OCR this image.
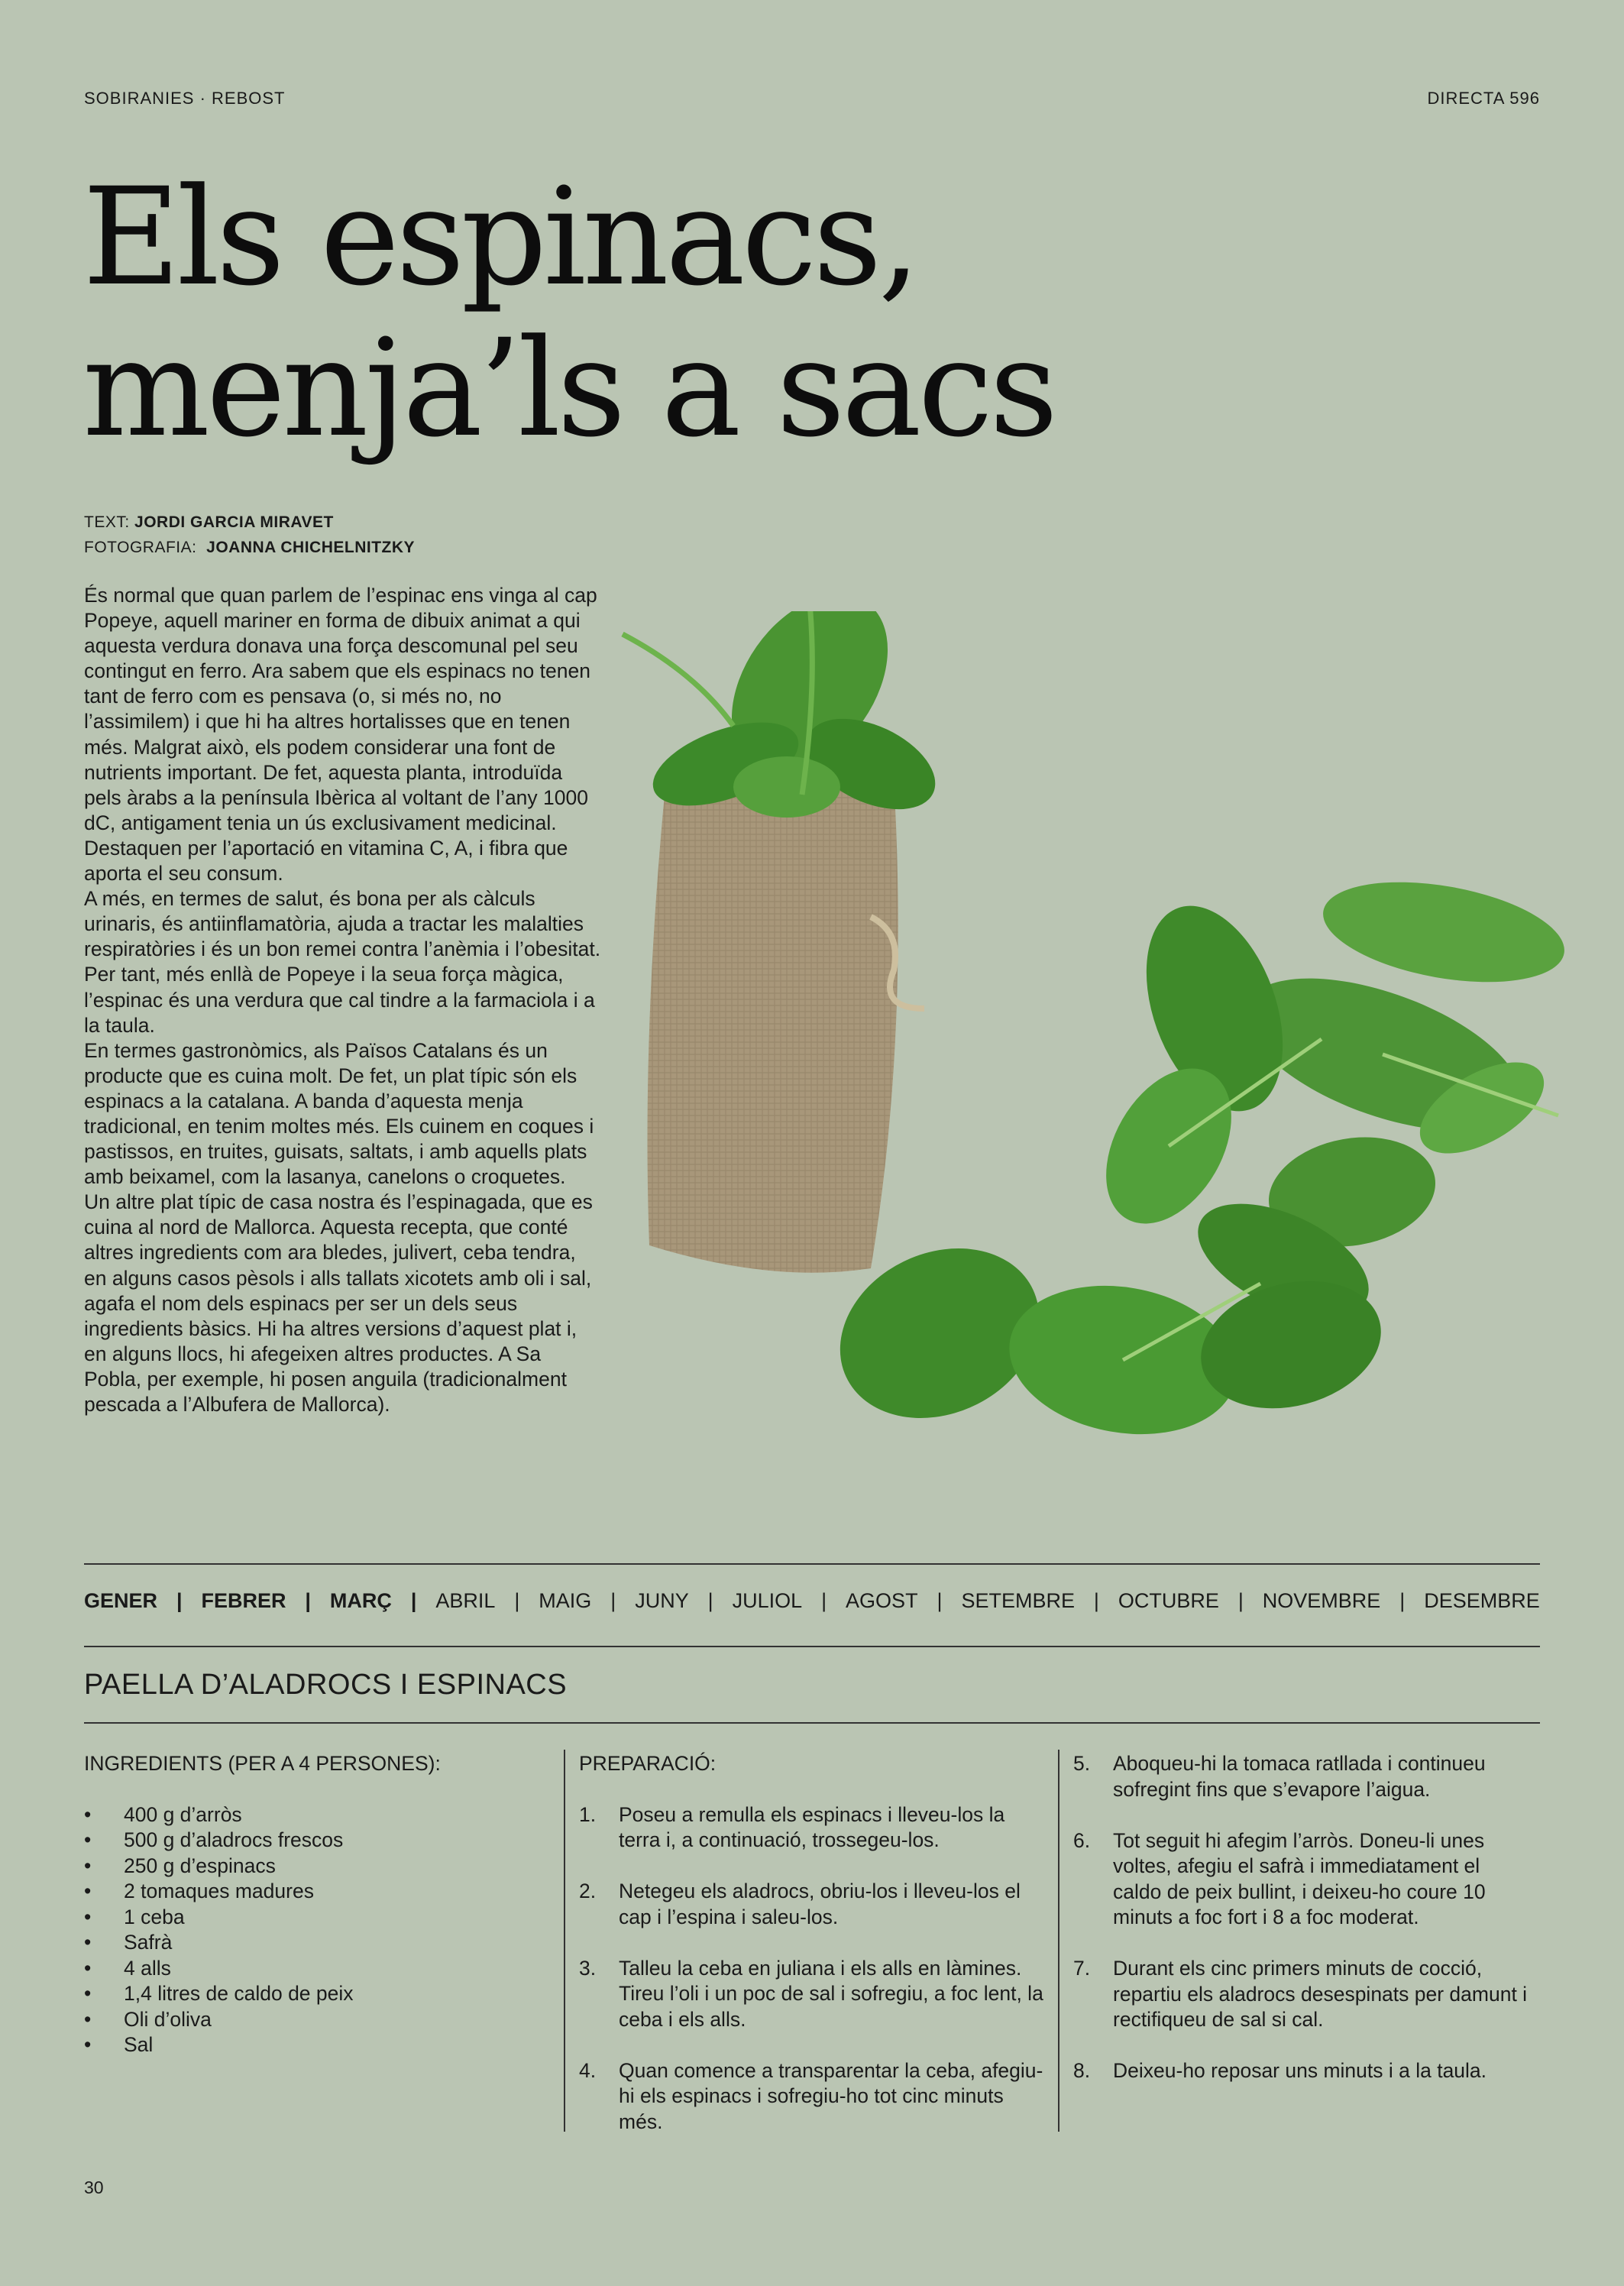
SOBIRANIES · REBOST	DIRECTA 596
Els espinacs,
menja’ls a sacs
TEXT: JORDI GARCIA MIRAVET
FOTOGRAFIA: JOANNA CHICHELNITZKY

És normal que quan parlem de l’espinac ens vinga al cap Popeye, aquell mariner en forma de dibuix animat a qui aquesta verdura donava una força descomunal pel seu contingut en ferro. Ara sabem que els espinacs no tenen tant de ferro com es pensava (o, si més no, no l’assimilem) i que hi ha altres hortalisses que en tenen més. Malgrat això, els podem considerar una font de nutrients important. De fet, aquesta planta, introduïda pels àrabs a la península Ibèrica al voltant de l’any 1000 dC, antigament tenia un ús exclusivament medicinal. Destaquen per l’aportació en vitamina C, A, i fibra que aporta el seu consum.

A més, en termes de salut, és bona per als càlculs urinaris, és antiinflamatòria, ajuda a tractar les malalties respiratòries i és un bon remei contra l’anèmia i l’obesitat. Per tant, més enllà de Popeye i la seua força màgica, l’espinac és una verdura que cal tindre a la farmaciola i a la taula.

En termes gastronòmics, als Països Catalans és un producte que es cuina molt. De fet, un plat típic són els espinacs a la catalana. A banda d’aquesta menja tradicional, en tenim moltes més. Els cuinem en coques i pastissos, en truites, guisats, saltats, i amb aquells plats amb beixamel, com la lasanya, canelons o croquetes.

Un altre plat típic de casa nostra és l’espinagada, que es cuina al nord de Mallorca. Aquesta recepta, que conté altres ingredients com ara bledes, julivert, ceba tendra, en alguns casos pèsols i alls tallats xicotets amb oli i sal, agafa el nom dels espinacs per ser un dels seus ingredients bàsics. Hi ha altres versions d’aquest plat i, en alguns llocs, hi afegeixen altres productes. A Sa Pobla, per exemple, hi posen anguila (tradicionalment pescada a l’Albufera de Mallorca).

GENER | FEBRER | MARÇ | ABRIL | MAIG | JUNY | JULIOL | AGOST | SETEMBRE | OCTUBRE | NOVEMBRE | DESEMBRE
PAELLA D’ALADROCS I ESPINACS
INGREDIENTS (PER A 4 PERSONES):
• 400 g d’arròs
• 500 g d’aladrocs frescos
• 250 g d’espinacs
• 2 tomaques madures
• 1 ceba
• Safrà
• 4 alls
• 1,4 litres de caldo de peix
• Oli d’oliva
• Sal
PREPARACIÓ:
1.	Poseu a remulla els espinacs i lleveu-los la terra i, a continuació, trossegeu-los.
2.	Netegeu els aladrocs, obriu-los i lleveu-los el cap i l’espina i saleu-los.
3.	Talleu la ceba en juliana i els alls en làmines. Tireu l’oli i un poc de sal i sofregiu, a foc lent, la ceba i els alls.
4.	Quan comence a transparentar la ceba, afegiu-hi els espinacs i sofregiu-ho tot cinc minuts més.
5.	Aboqueu-hi la tomaca ratllada i continueu sofregint fins que s’evapore l’aigua.
6.	Tot seguit hi afegim l’arròs. Doneu-li unes voltes, afegiu el safrà i immediatament el caldo de peix bullint, i deixeu-ho coure 10 minuts a foc fort i 8 a foc moderat.
7.	Durant els cinc primers minuts de cocció, repartiu els aladrocs desespinats per damunt i rectifiqueu de sal si cal.
8.	Deixeu-ho reposar uns minuts i a la taula.
30
